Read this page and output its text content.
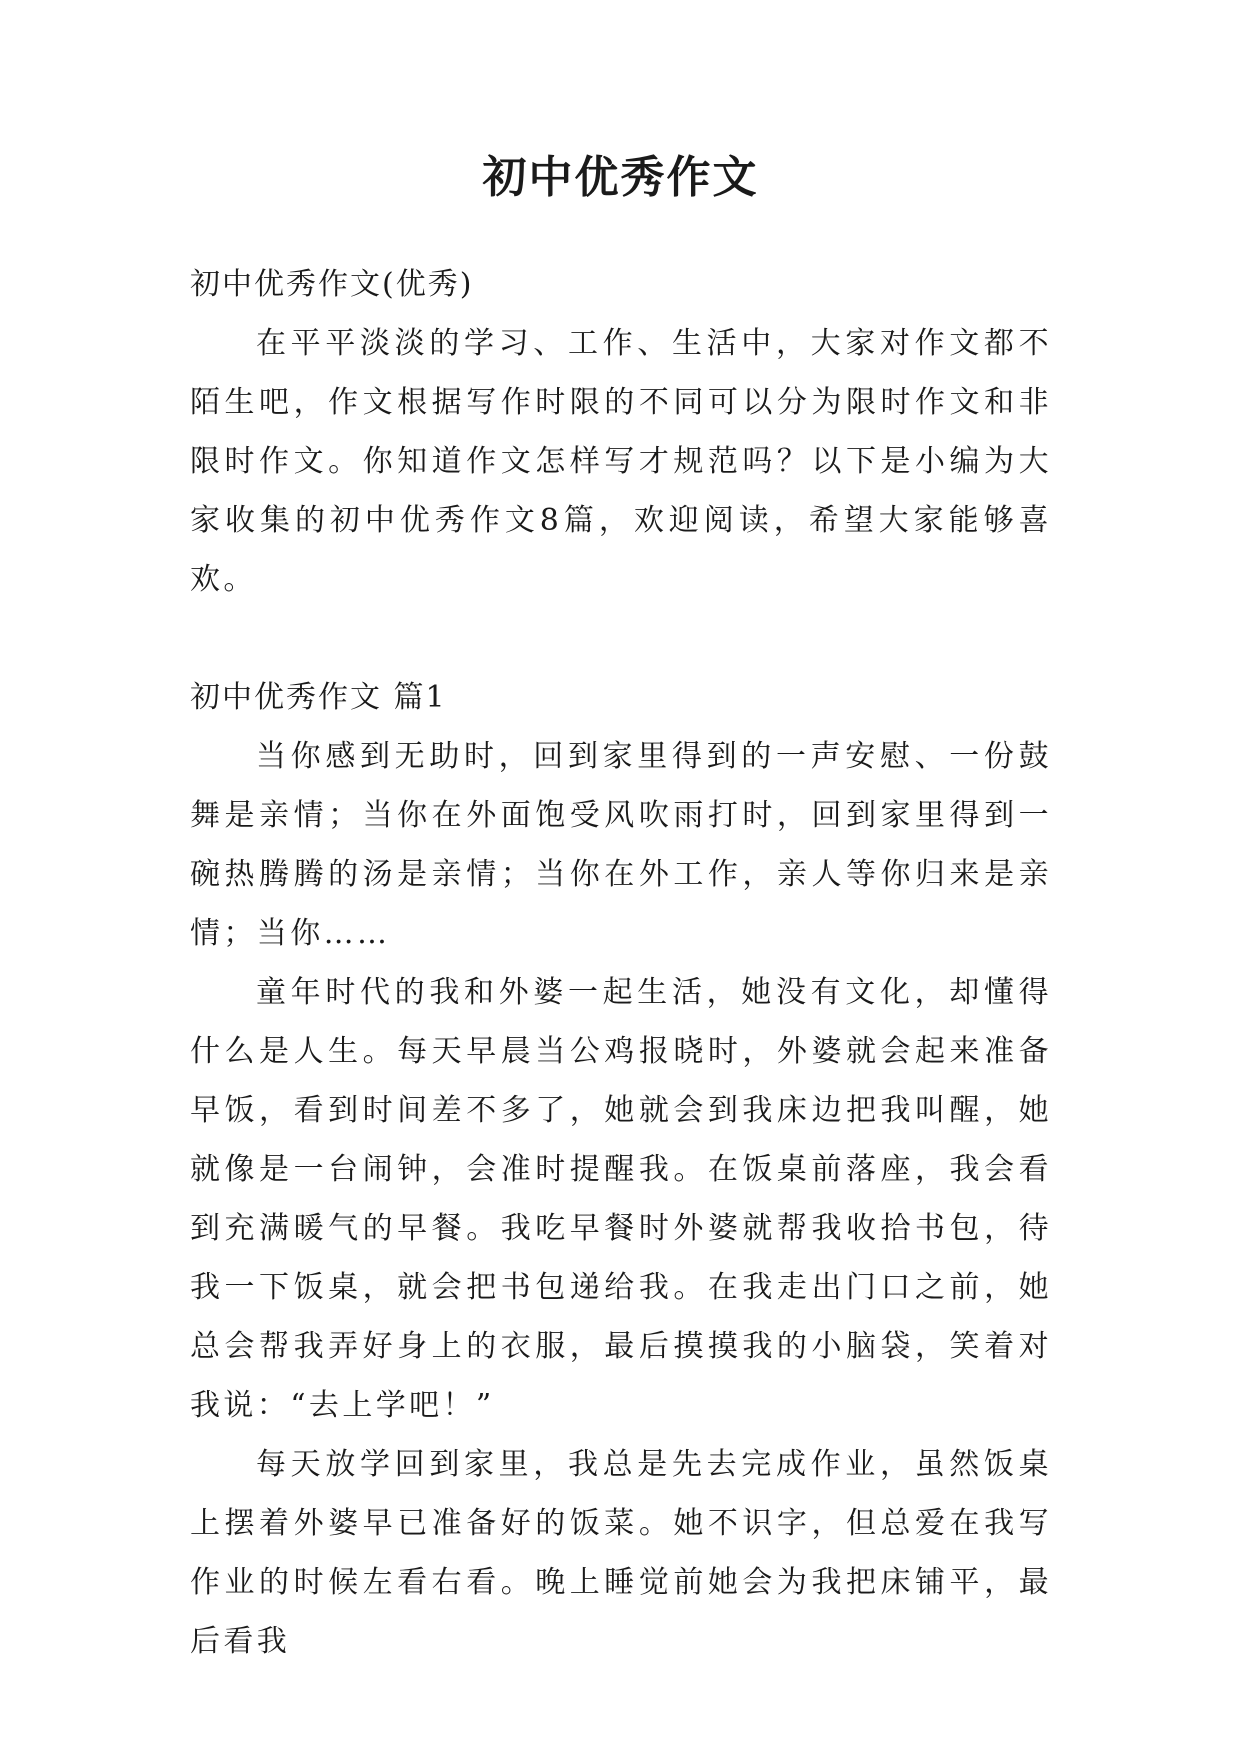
初中优秀作文

初中优秀作文(优秀)

在平平淡淡的学习、工作、生活中，大家对作文都不陌生吧，作文根据写作时限的不同可以分为限时作文和非限时作文。你知道作文怎样写才规范吗？以下是小编为大家收集的初中优秀作文8篇，欢迎阅读，希望大家能够喜欢。

初中优秀作文 篇1

当你感到无助时，回到家里得到的一声安慰、一份鼓舞是亲情；当你在外面饱受风吹雨打时，回到家里得到一碗热腾腾的汤是亲情；当你在外工作，亲人等你归来是亲情；当你……

童年时代的我和外婆一起生活，她没有文化，却懂得什么是人生。每天早晨当公鸡报晓时，外婆就会起来准备早饭，看到时间差不多了，她就会到我床边把我叫醒，她就像是一台闹钟，会准时提醒我。在饭桌前落座，我会看到充满暖气的早餐。我吃早餐时外婆就帮我收拾书包，待我一下饭桌，就会把书包递给我。在我走出门口之前，她总会帮我弄好身上的衣服，最后摸摸我的小脑袋，笑着对我说：“去上学吧！”

每天放学回到家里，我总是先去完成作业，虽然饭桌上摆着外婆早已准备好的饭菜。她不识字，但总爱在我写作业的时候左看右看。晚上睡觉前她会为我把床铺平，最后看我
